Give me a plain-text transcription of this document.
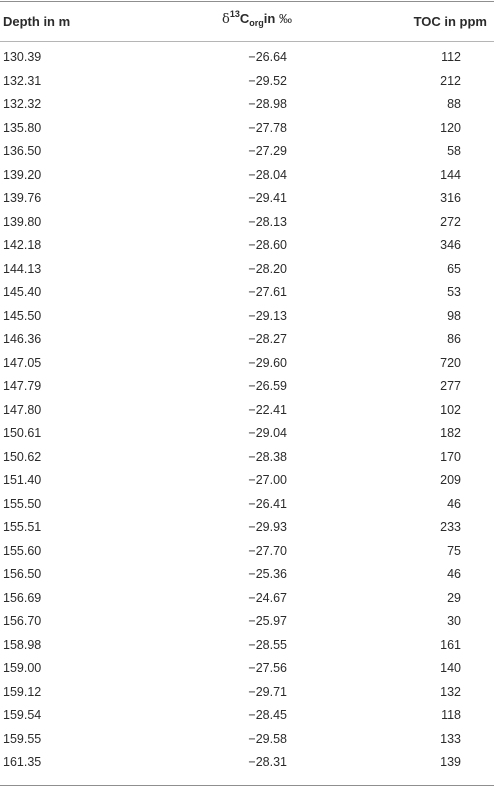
Depth in m	$\delta^{13}C_{org}in$ ‰	TOC in ppm
130.39	−26.64	112
132.31	−29.52	212
132.32	−28.98	88
135.80	−27.78	120
136.50	−27.29	58
139.20	−28.04	144
139.76	−29.41	316
139.80	−28.13	272
142.18	−28.60	346
144.13	−28.20	65
145.40	−27.61	53
145.50	−29.13	98
146.36	−28.27	86
147.05	−29.60	720
147.79	−26.59	277
147.80	−22.41	102
150.61	−29.04	182
150.62	−28.38	170
151.40	−27.00	209
155.50	−26.41	46
155.51	−29.93	233
155.60	−27.70	75
156.50	−25.36	46
156.69	−24.67	29
156.70	−25.97	30
158.98	−28.55	161
159.00	−27.56	140
159.12	−29.71	132
159.54	−28.45	118
159.55	−29.58	133
161.35	−28.31	139
